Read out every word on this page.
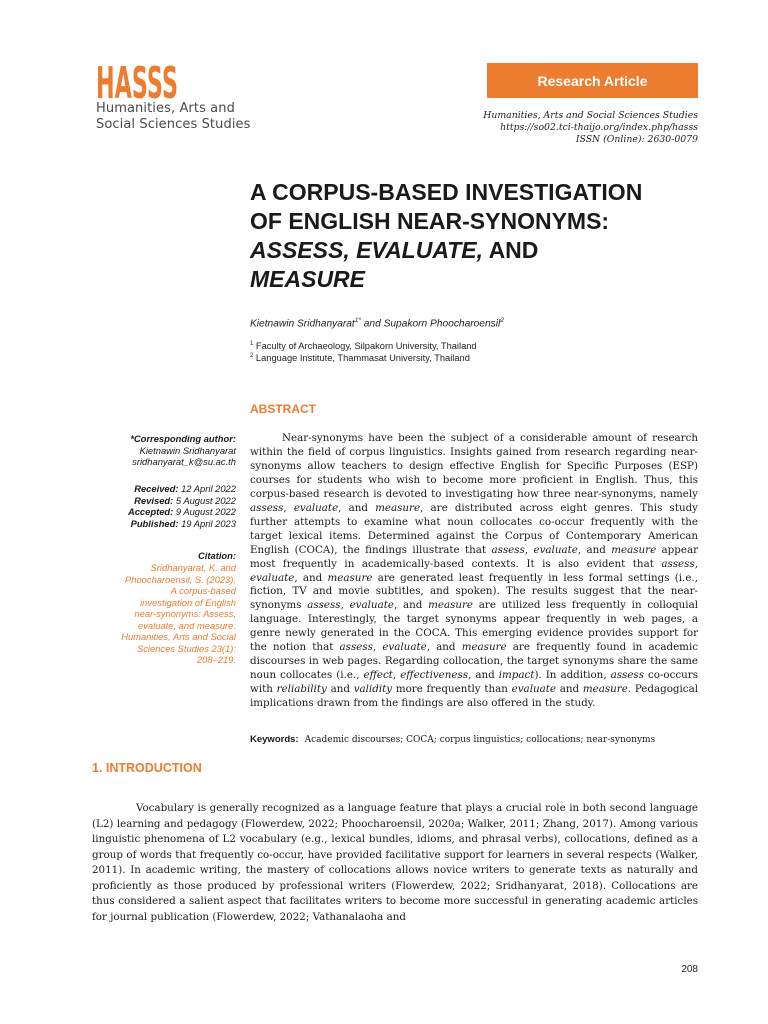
HASSS
Humanities, Arts and
Social Sciences Studies
Research Article
Humanities, Arts and Social Sciences Studies
https://so02.tci-thaijo.org/index.php/hasss
ISSN (Online): 2630-0079
A CORPUS-BASED INVESTIGATION
OF ENGLISH NEAR-SYNONYMS:
ASSESS, EVALUATE, AND
MEASURE
Kietnawin Sridhanyarat$^{1*}$ and Supakorn Phoocharoensil$^2$
$^1$ Faculty of Archaeology, Silpakorn University, Thailand
$^2$ Language Institute, Thammasat University, Thailand
ABSTRACT
*Corresponding author:
Kietnawin Sridhanyarat
sridhanyarat_k@su.ac.th
Received: 12 April 2022
Revised: 5 August 2022
Accepted: 9 August 2022
Published: 19 April 2023
Citation:
Sridhanyarat, K. and Phoocharoensil, S. (2023). A corpus-based investigation of English near-synonyms: Assess, evaluate, and measure. Humanities, Arts and Social Sciences Studies 23(1): 208–219.

Near-synonyms have been the subject of a considerable amount of research within the field of corpus linguistics. Insights gained from research regarding near-synonyms allow teachers to design effective English for Specific Purposes (ESP) courses for students who wish to become more proficient in English. Thus, this corpus-based research is devoted to investigating how three near-synonyms, namely assess, evaluate, and measure, are distributed across eight genres. This study further attempts to examine what noun collocates co-occur frequently with the target lexical items. Determined against the Corpus of Contemporary American English (COCA), the findings illustrate that assess, evaluate, and measure appear most frequently in academically-based contexts. It is also evident that assess, evaluate, and measure are generated least frequently in less formal settings (i.e., fiction, TV and movie subtitles, and spoken). The results suggest that the near-synonyms assess, evaluate, and measure are utilized less frequently in colloquial language. Interestingly, the target synonyms appear frequently in web pages, a genre newly generated in the COCA. This emerging evidence provides support for the notion that assess, evaluate, and measure are frequently found in academic discourses in web pages. Regarding collocation, the target synonyms share the same noun collocates (i.e., effect, effectiveness, and impact). In addition, assess co-occurs with reliability and validity more frequently than evaluate and measure. Pedagogical implications drawn from the findings are also offered in the study.

Keywords: Academic discourses; COCA; corpus linguistics; collocations; near-synonyms
1. INTRODUCTION

Vocabulary is generally recognized as a language feature that plays a crucial role in both second language (L2) learning and pedagogy (Flowerdew, 2022; Phoocharoensil, 2020a; Walker, 2011; Zhang, 2017). Among various linguistic phenomena of L2 vocabulary (e.g., lexical bundles, idioms, and phrasal verbs), collocations, defined as a group of words that frequently co-occur, have provided facilitative support for learners in several respects (Walker, 2011). In academic writing, the mastery of collocations allows novice writers to generate texts as naturally and proficiently as those produced by professional writers (Flowerdew, 2022; Sridhanyarat, 2018). Collocations are thus considered a salient aspect that facilitates writers to become more successful in generating academic articles for journal publication (Flowerdew, 2022; Vathanalaoha and

208
